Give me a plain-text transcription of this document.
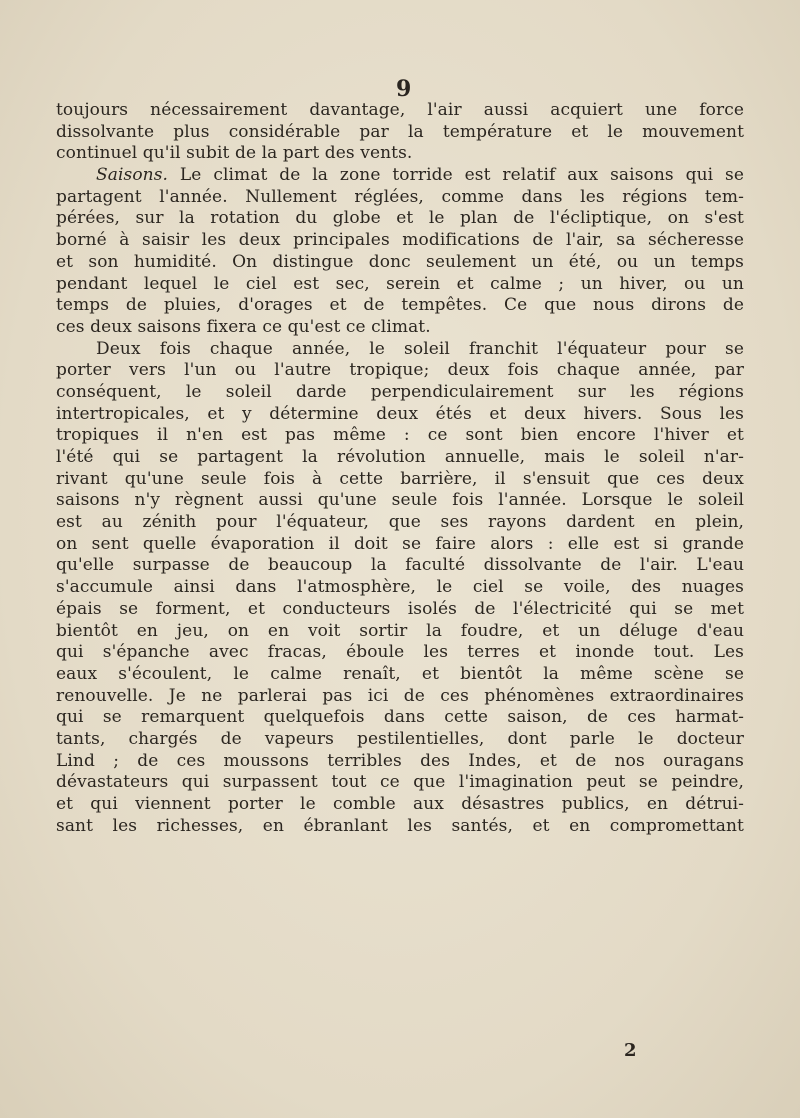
9
toujours nécessairement davantage, l'air aussi acquiert une force
dissolvante plus considérable par la température et le mouvement
continuel qu'il subit de la part des vents.
Saisons. Le climat de la zone torride est relatif aux saisons qui se
partagent l'année. Nullement réglées, comme dans les régions tem-
pérées, sur la rotation du globe et le plan de l'écliptique, on s'est
borné à saisir les deux principales modifications de l'air, sa sécheresse
et son humidité. On distingue donc seulement un été, ou un temps
pendant lequel le ciel est sec, serein et calme ; un hiver, ou un
temps de pluies, d'orages et de tempêtes. Ce que nous dirons de
ces deux saisons fixera ce qu'est ce climat.
Deux fois chaque année, le soleil franchit l'équateur pour se
porter vers l'un ou l'autre tropique; deux fois chaque année, par
conséquent, le soleil darde perpendiculairement sur les régions
intertropicales, et y détermine deux étés et deux hivers. Sous les
tropiques il n'en est pas même : ce sont bien encore l'hiver et
l'été qui se partagent la révolution annuelle, mais le soleil n'ar-
rivant qu'une seule fois à cette barrière, il s'ensuit que ces deux
saisons n'y règnent aussi qu'une seule fois l'année. Lorsque le soleil
est au zénith pour l'équateur, que ses rayons dardent en plein,
on sent quelle évaporation il doit se faire alors : elle est si grande
qu'elle surpasse de beaucoup la faculté dissolvante de l'air. L'eau
s'accumule ainsi dans l'atmosphère, le ciel se voile, des nuages
épais se forment, et conducteurs isolés de l'électricité qui se met
bientôt en jeu, on en voit sortir la foudre, et un déluge d'eau
qui s'épanche avec fracas, éboule les terres et inonde tout. Les
eaux s'écoulent, le calme renaît, et bientôt la même scène se
renouvelle. Je ne parlerai pas ici de ces phénomènes extraordinaires
qui se remarquent quelquefois dans cette saison, de ces harmat-
tants, chargés de vapeurs pestilentielles, dont parle le docteur
Lind ; de ces moussons terribles des Indes, et de nos ouragans
dévastateurs qui surpassent tout ce que l'imagination peut se peindre,
et qui viennent porter le comble aux désastres publics, en détrui-
sant les richesses, en ébranlant les santés, et en compromettant
2
